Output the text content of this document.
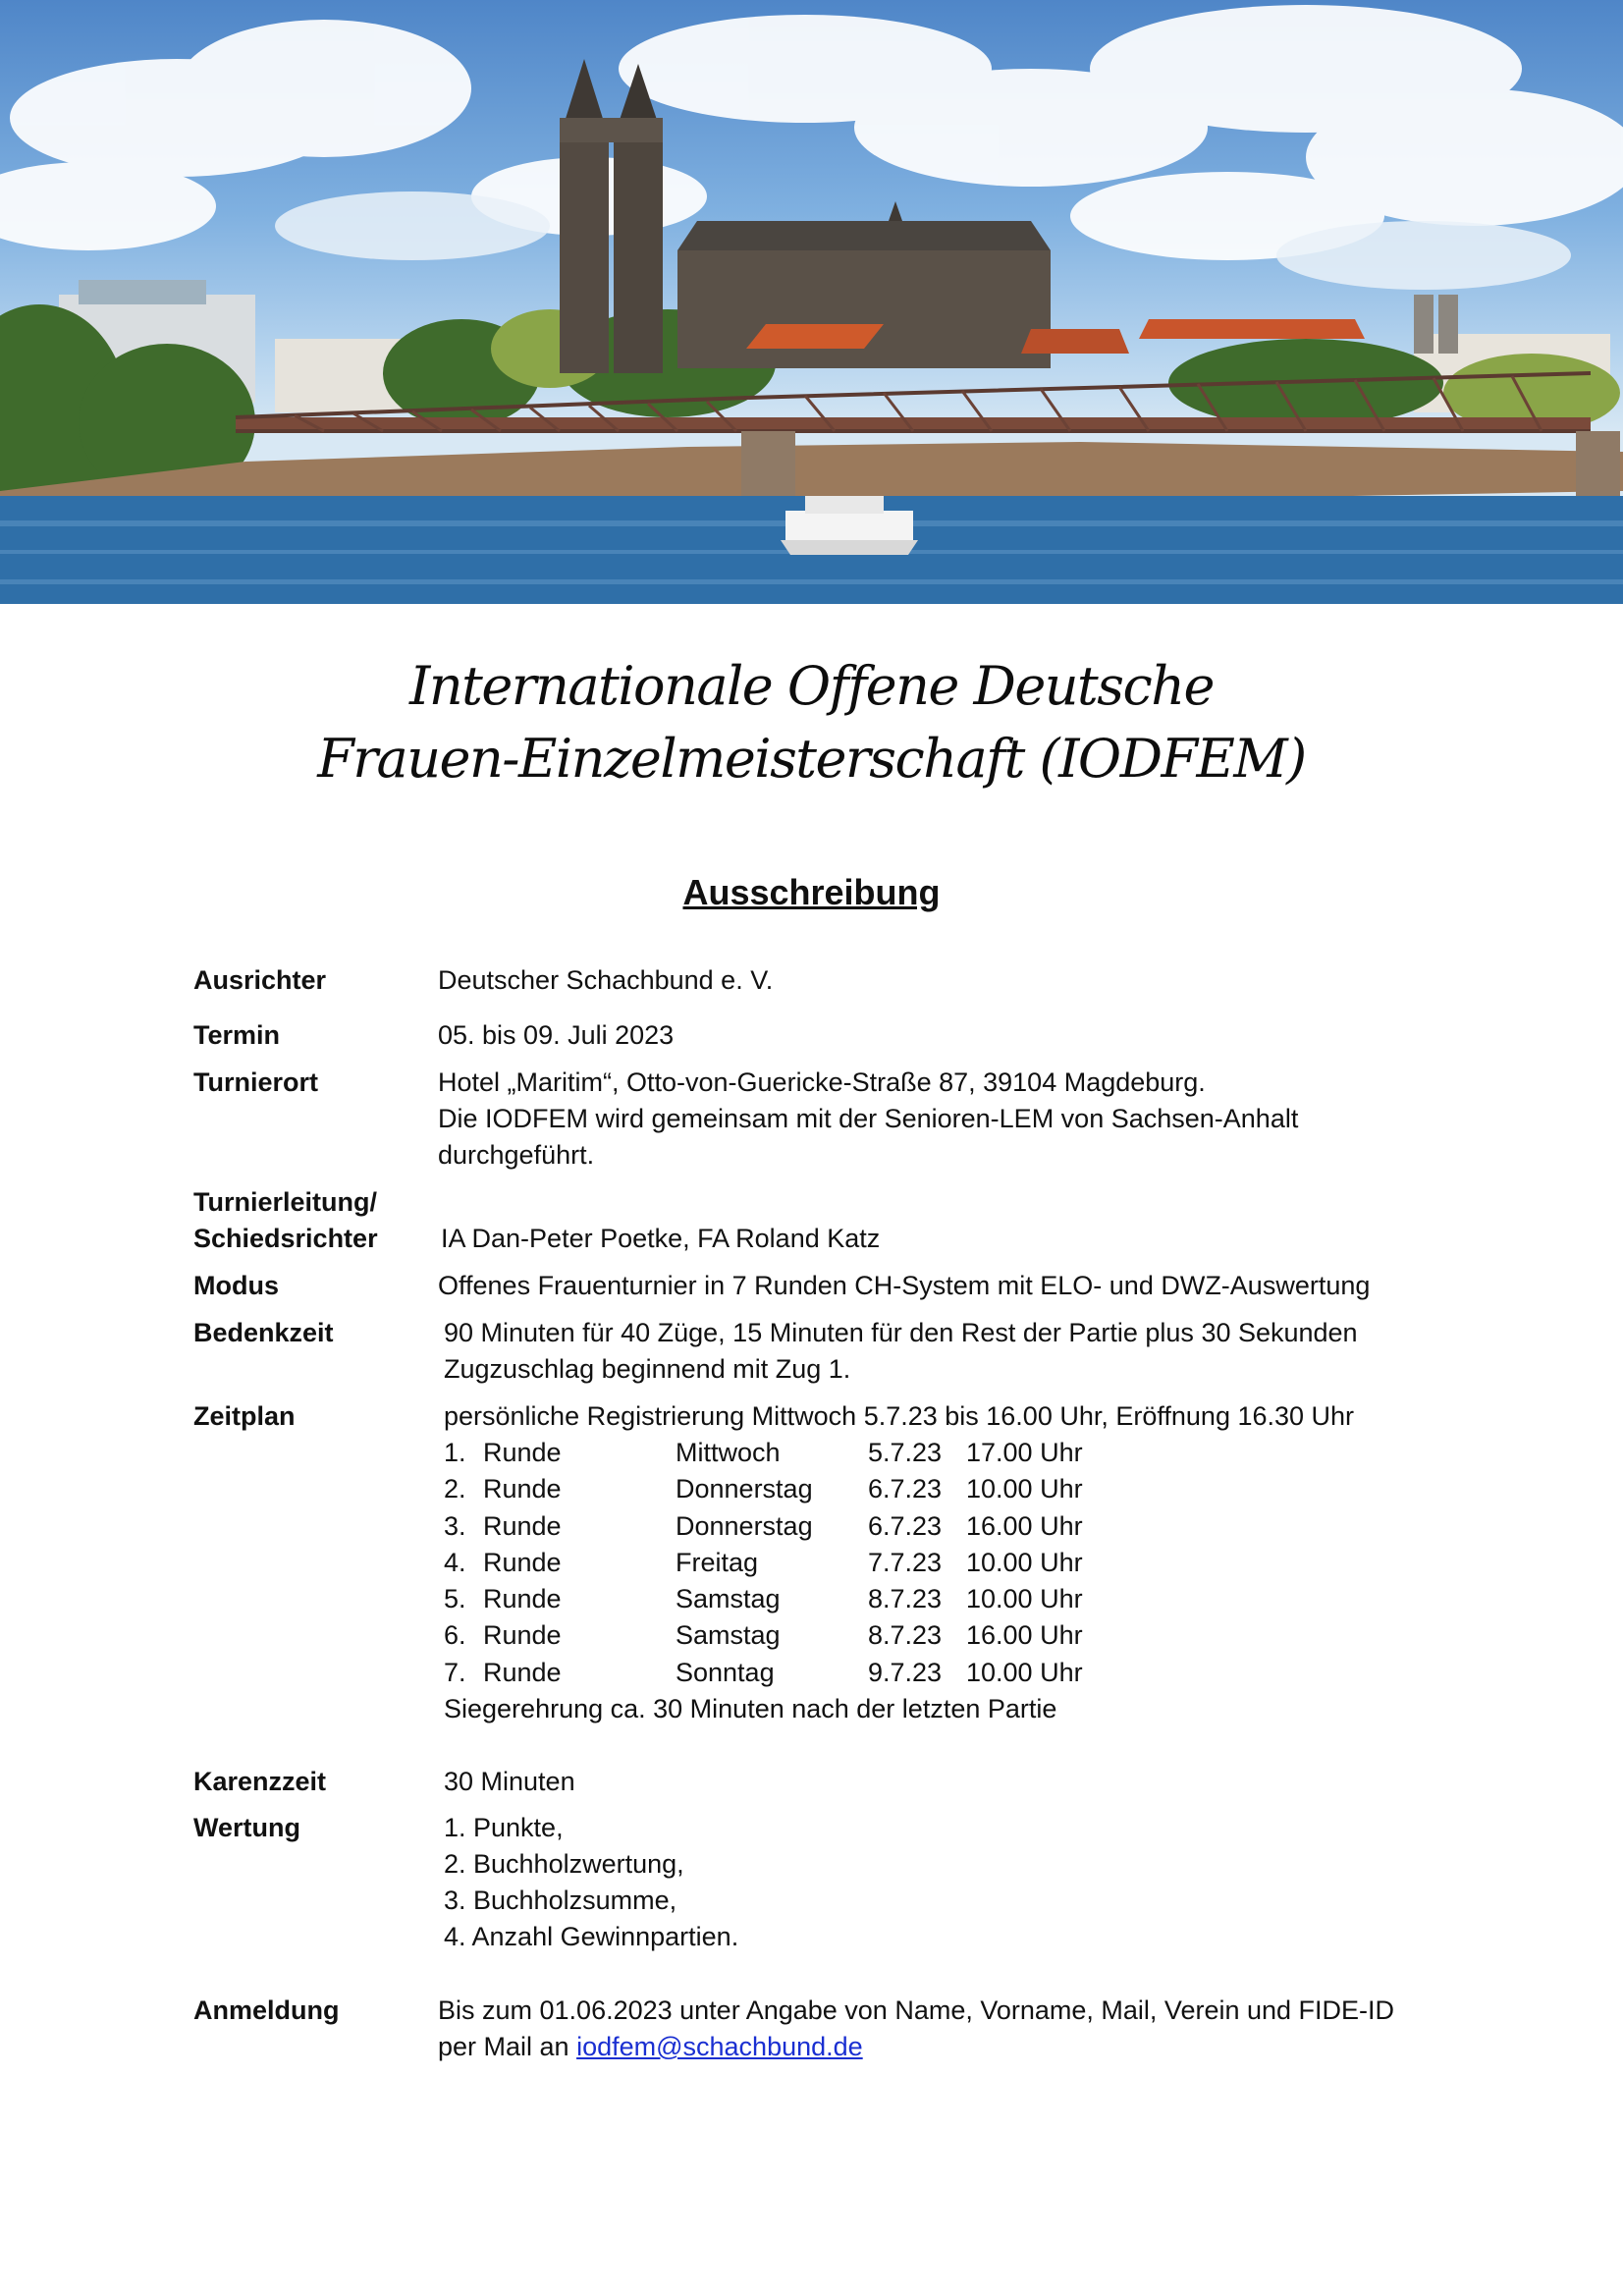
Internationale Offene Deutsche
Frauen-Einzelmeisterschaft (IODFEM)
Ausschreibung
Ausrichter	Deutscher Schachbund e. V.
Termin	05. bis 09. Juli 2023
Turnierort	Hotel „Maritim“, Otto-von-Guericke-Straße 87, 39104 Magdeburg.
Die IODFEM wird gemeinsam mit der Senioren-LEM von Sachsen-Anhalt
durchgeführt.
Turnierleitung/
Schiedsrichter IA Dan-Peter Poetke, FA Roland Katz
Modus	Offenes Frauenturnier in 7 Runden CH-System mit ELO- und DWZ-Auswertung
Bedenkzeit	90 Minuten für 40 Züge, 15 Minuten für den Rest der Partie plus 30 Sekunden
Zugzuschlag beginnend mit Zug 1.
Zeitplan	persönliche Registrierung Mittwoch 5.7.23 bis 16.00 Uhr, Eröffnung 16.30 Uhr
1. Runde	Mittwoch	5.7.23 17.00 Uhr
2. Runde	Donnerstag 6.7.23 10.00 Uhr
3. Runde	Donnerstag 6.7.23 16.00 Uhr
4. Runde	Freitag	7.7.23 10.00 Uhr
5. Runde	Samstag	8.7.23 10.00 Uhr
6. Runde	Samstag	8.7.23 16.00 Uhr
7. Runde	Sonntag	9.7.23 10.00 Uhr
Siegerehrung ca. 30 Minuten nach der letzten Partie
Karenzzeit	30 Minuten
Wertung	1. Punkte,
2. Buchholzwertung,
3. Buchholzsumme,
4. Anzahl Gewinnpartien.
Anmeldung	Bis zum 01.06.2023 unter Angabe von Name, Vorname, Mail, Verein und FIDE-ID
per Mail an iodfem@schachbund.de
